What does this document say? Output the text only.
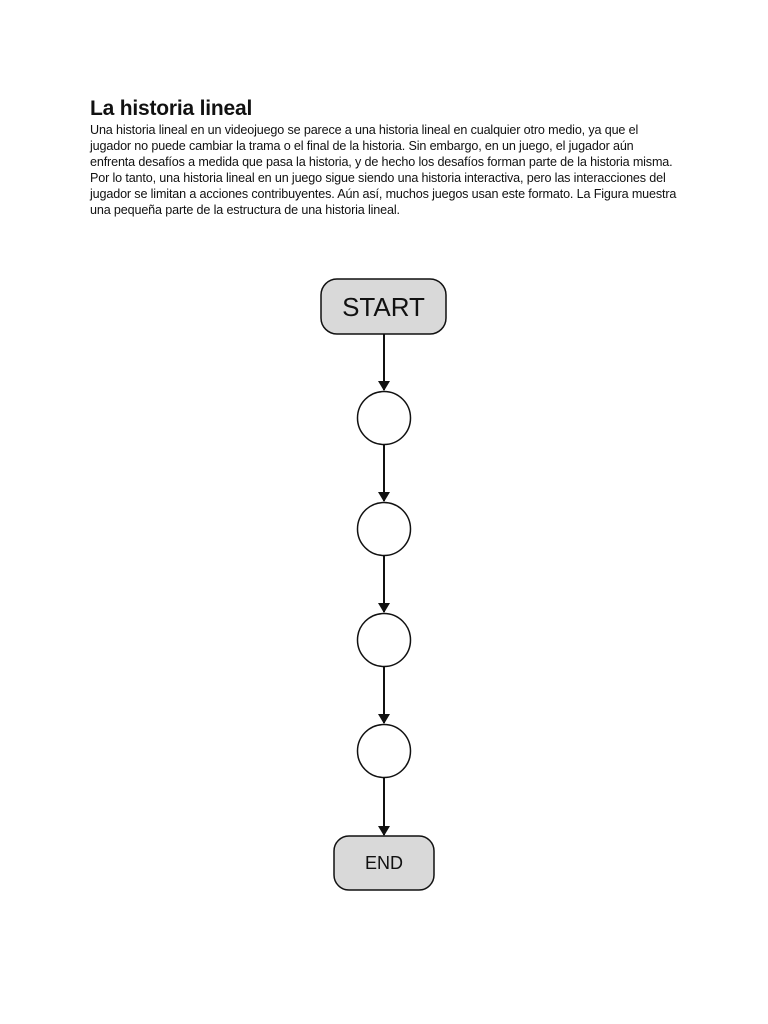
La historia lineal

Una historia lineal en un videojuego se parece a una historia lineal en cualquier otro medio, ya que el jugador no puede cambiar la trama o el final de la historia. Sin embargo, en un juego, el jugador aún enfrenta desafíos a medida que pasa la historia, y de hecho los desafíos forman parte de la historia misma. Por lo tanto, una historia lineal en un juego sigue siendo una historia interactiva, pero las interacciones del jugador se limitan a acciones contribuyentes. Aún así, muchos juegos usan este formato. La Figura muestra una pequeña parte de la estructura de una historia lineal.

START
END
